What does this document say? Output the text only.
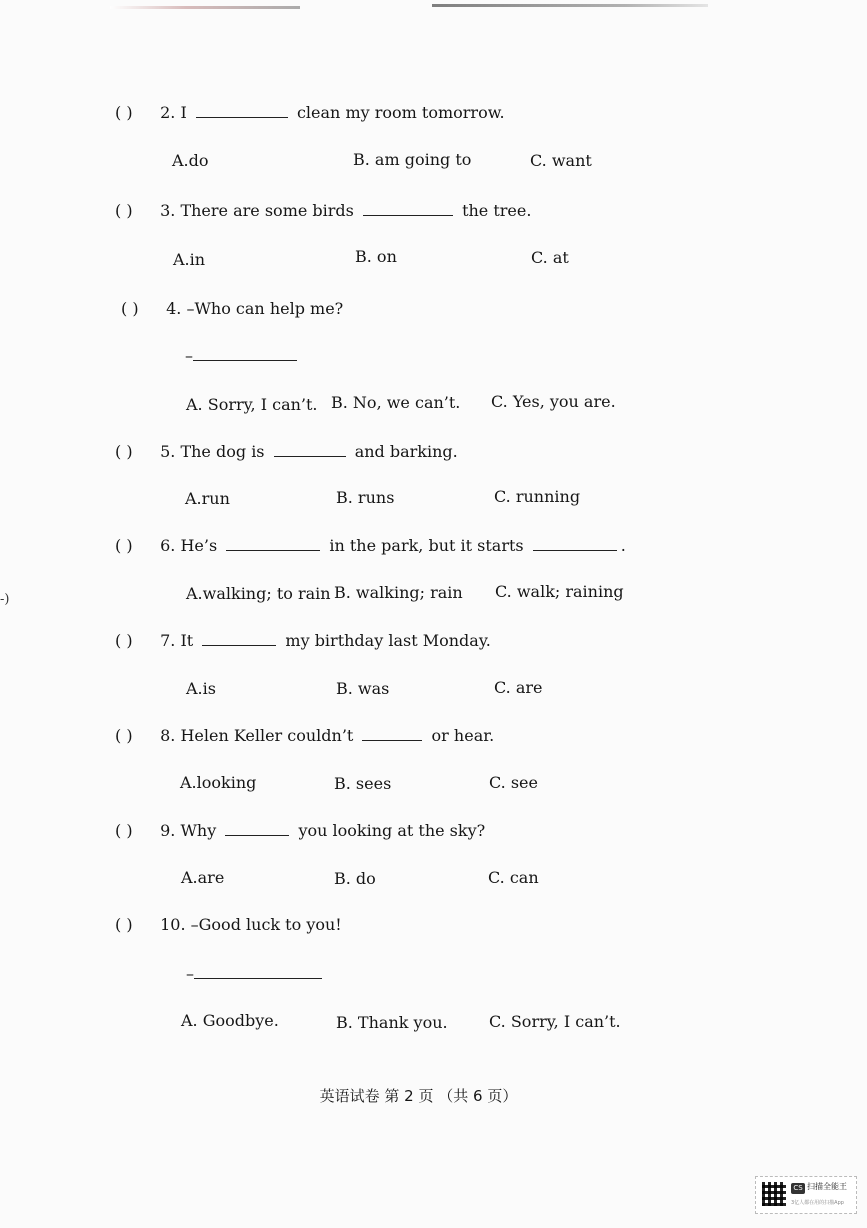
-)
( ) 2. I	clean my room tomorrow.
A.do	B. am going to	C. want
( ) 3. There are some birds	the tree.
A.in	B. on	C. at
( ) 4. –Who can help me?
–
A. Sorry, I can’t. B. No, we can’t. C. Yes, you are.
( ) 5. The dog is	and barking.
A.run	B. runs	C. running
( ) 6. He’s	in the park, but it starts	.
A.walking; to rain B. walking; rain C. walk; raining
( ) 7. It	my birthday last Monday.
A.is	B. was	C. are
( ) 8. Helen Keller couldn’t	or hear.
A.looking	B. sees	C. see
( ) 9. Why	you looking at the sky?
A.are	B. do	C. can
( ) 10. –Good luck to you!
–
A. Goodbye.	B. Thank you.	C. Sorry, I can’t.
英语试卷 第 2 页 （共 6 页）
CS 扫描全能王
3亿人都在用的扫描App
